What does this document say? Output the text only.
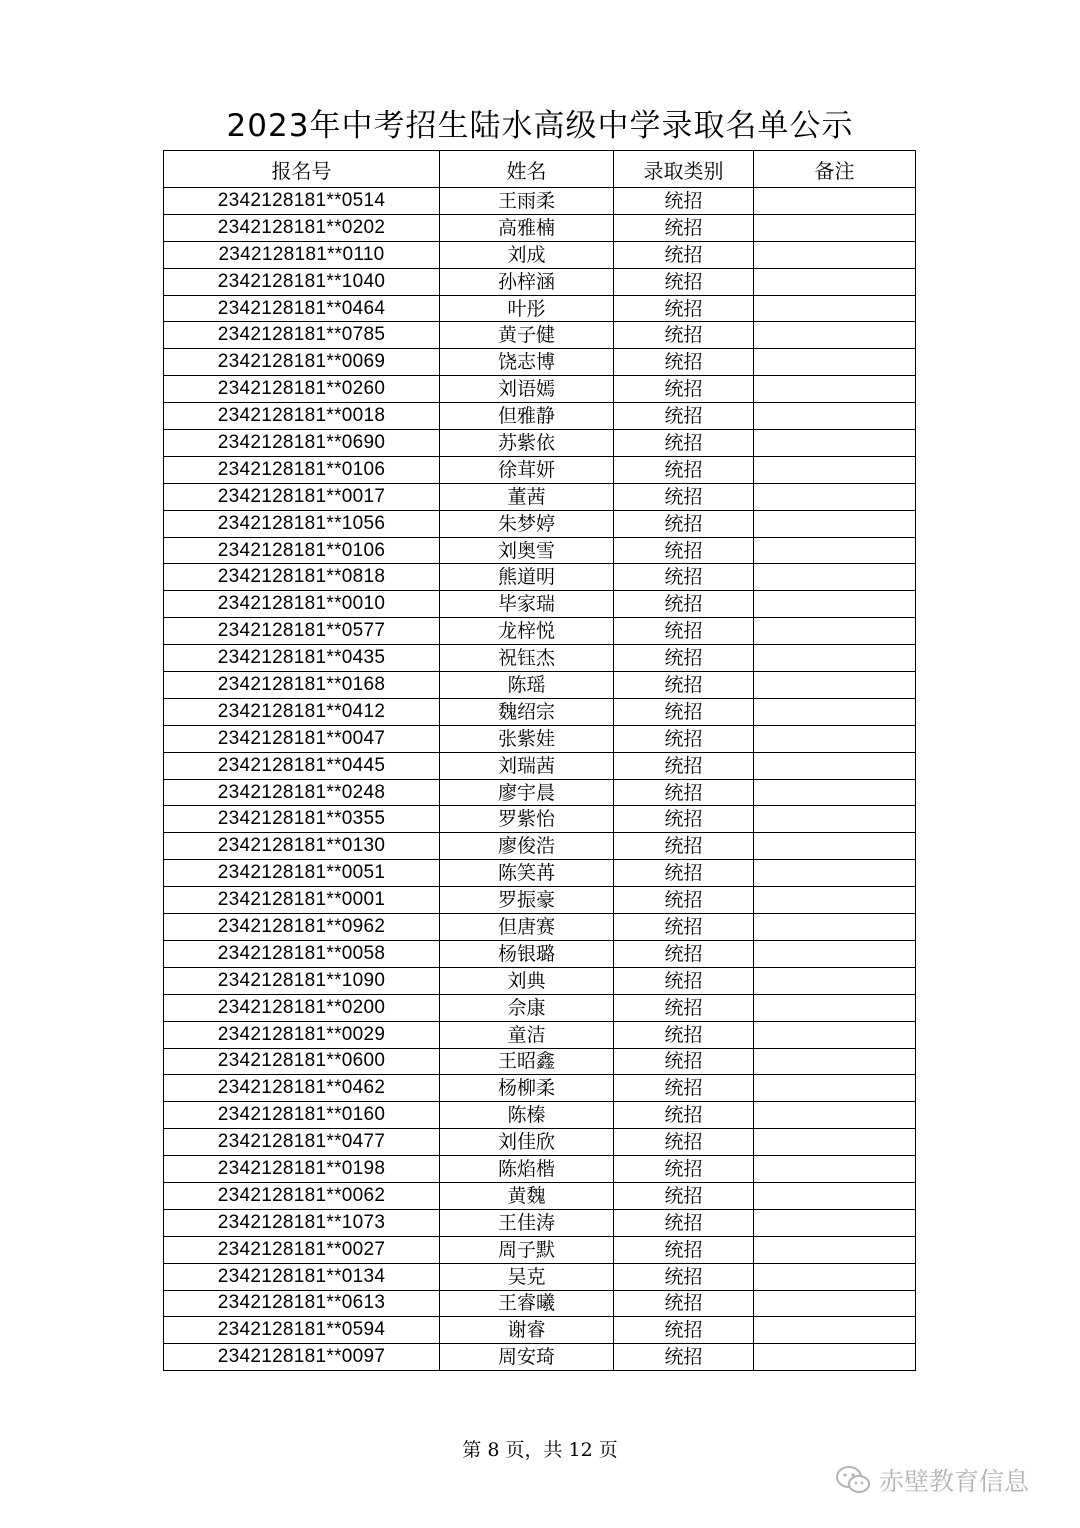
2023年中考招生陆水高级中学录取名单公示
报名号	姓名	录取类别	备注
2342128181**0514	王雨柔	统招	
2342128181**0202	高雅楠	统招	
2342128181**0110	刘成	统招	
2342128181**1040	孙梓涵	统招	
2342128181**0464	叶彤	统招	
2342128181**0785	黄子健	统招	
2342128181**0069	饶志博	统招	
2342128181**0260	刘语嫣	统招	
2342128181**0018	但雅静	统招	
2342128181**0690	苏紫依	统招	
2342128181**0106	徐茸妍	统招	
2342128181**0017	董茜	统招	
2342128181**1056	朱梦婷	统招	
2342128181**0106	刘奥雪	统招	
2342128181**0818	熊道明	统招	
2342128181**0010	毕家瑞	统招	
2342128181**0577	龙梓悦	统招	
2342128181**0435	祝钰杰	统招	
2342128181**0168	陈瑶	统招	
2342128181**0412	魏绍宗	统招	
2342128181**0047	张紫娃	统招	
2342128181**0445	刘瑞茜	统招	
2342128181**0248	廖宇晨	统招	
2342128181**0355	罗紫怡	统招	
2342128181**0130	廖俊浩	统招	
2342128181**0051	陈笑苒	统招	
2342128181**0001	罗振豪	统招	
2342128181**0962	但唐赛	统招	
2342128181**0058	杨银璐	统招	
2342128181**1090	刘典	统招	
2342128181**0200	佘康	统招	
2342128181**0029	童洁	统招	
2342128181**0600	王昭鑫	统招	
2342128181**0462	杨柳柔	统招	
2342128181**0160	陈榛	统招	
2342128181**0477	刘佳欣	统招	
2342128181**0198	陈焰楷	统招	
2342128181**0062	黄魏	统招	
2342128181**1073	王佳涛	统招	
2342128181**0027	周子默	统招	
2342128181**0134	吴克	统招	
2342128181**0613	王睿曦	统招	
2342128181**0594	谢睿	统招	
2342128181**0097	周安琦	统招	
第 8 页，共 12 页
赤壁教育信息
